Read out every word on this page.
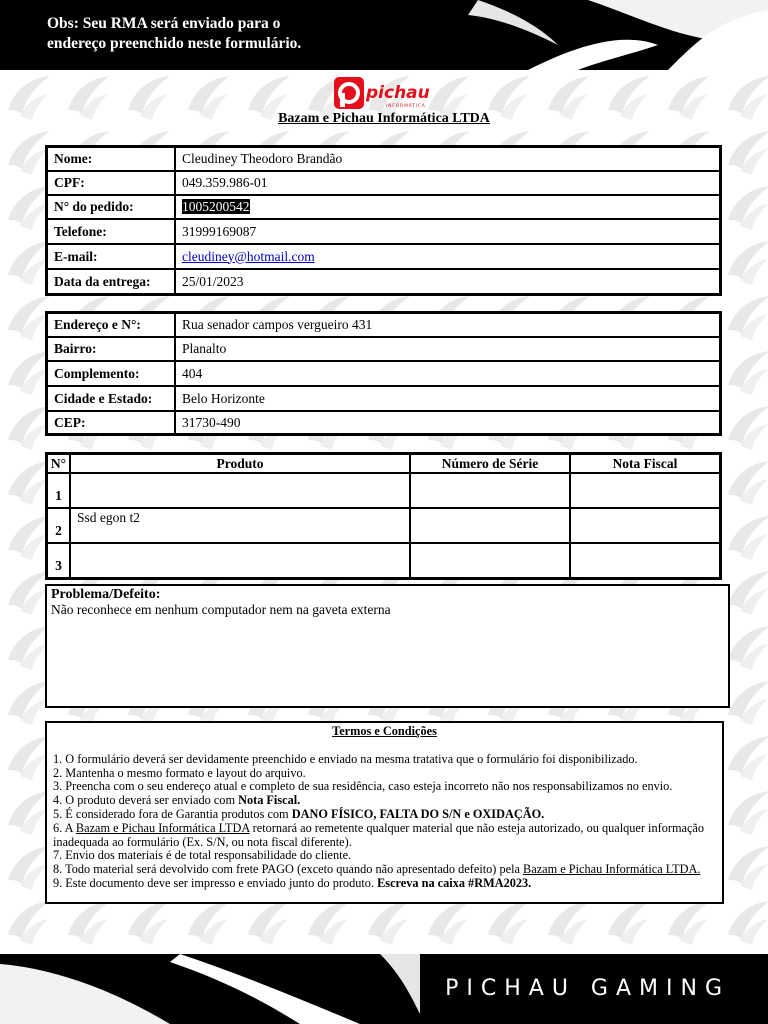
Obs: Seu RMA será enviado para o
endereço preenchido neste formulário.
pichau
INFORMÁTICA
Bazam e Pichau Informática LTDA
Nome:	Cleudiney Theodoro Brandão
CPF:	049.359.986-01
N° do pedido:	1005200542
Telefone:	31999169087
E-mail:	cleudiney@hotmail.com
Data da entrega:	25/01/2023
Endereço e N°:	Rua senador campos vergueiro 431
Bairro:	Planalto
Complemento:	404
Cidade e Estado:	Belo Horizonte
CEP:	31730-490
N°	Produto	Número de Série	Nota Fiscal
1			
2	Ssd egon t2		
3			
Problema/Defeito:
Não reconhece em nenhum computador nem na gaveta externa
Termos e Condições
1. O formulário deverá ser devidamente preenchido e enviado na mesma tratativa que o formulário foi disponibilizado.
2. Mantenha o mesmo formato e layout do arquivo.
3. Preencha com o seu endereço atual e completo de sua residência, caso esteja incorreto não nos responsabilizamos no envio.
4. O produto deverá ser enviado com Nota Fiscal.
5. É considerado fora de Garantia produtos com DANO FÍSICO, FALTA DO S/N e OXIDAÇÃO.
6. A Bazam e Pichau Informática LTDA retornará ao remetente qualquer material que não esteja autorizado, ou qualquer informação inadequada ao formulário (Ex. S/N, ou nota fiscal diferente).
7. Envio dos materiais é de total responsabilidade do cliente.
8. Todo material será devolvido com frete PAGO (exceto quando não apresentado defeito) pela Bazam e Pichau Informática LTDA.
9. Este documento deve ser impresso e enviado junto do produto. Escreva na caixa #RMA2023.
PICHAU GAMING
